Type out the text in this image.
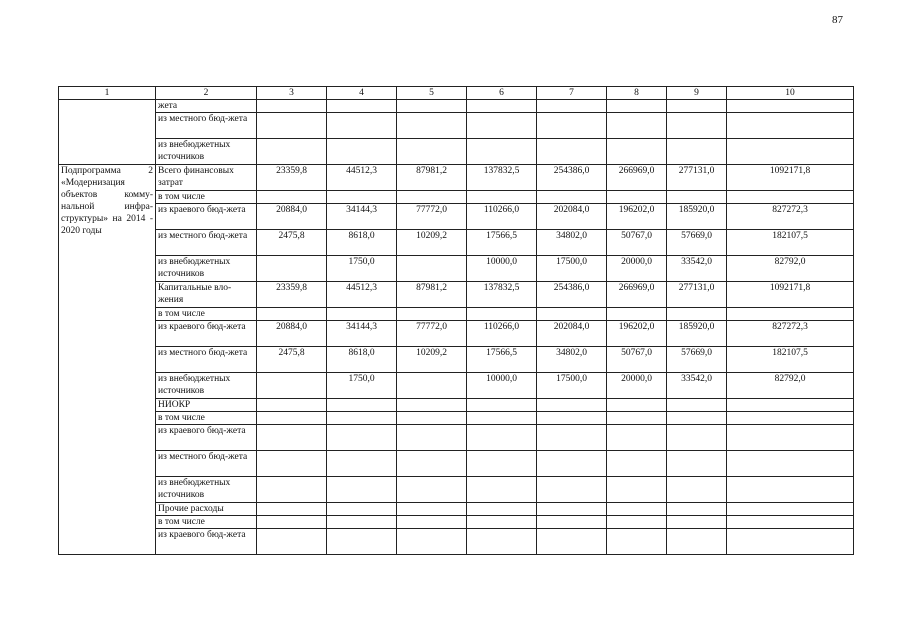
87
1	2	3	4	5	6	7	8	9	10
	жета								
	из местного бюд-жета								
	из внебюджетных источников								
Подпрограмма 2 «Модернизация объектов комму-нальной инфра-структуры» на 2014 - 2020 годы	Всего финансовых затрат	23359,8	44512,3	87981,2	137832,5	254386,0	266969,0	277131,0	1092171,8
	в том числе								
	из краевого бюд-жета	20884,0	34144,3	77772,0	110266,0	202084,0	196202,0	185920,0	827272,3
	из местного бюд-жета	2475,8	8618,0	10209,2	17566,5	34802,0	50767,0	57669,0	182107,5
	из внебюджетных источников		1750,0		10000,0	17500,0	20000,0	33542,0	82792,0
	Капитальные вло-жения	23359,8	44512,3	87981,2	137832,5	254386,0	266969,0	277131,0	1092171,8
	в том числе								
	из краевого бюд-жета	20884,0	34144,3	77772,0	110266,0	202084,0	196202,0	185920,0	827272,3
	из местного бюд-жета	2475,8	8618,0	10209,2	17566,5	34802,0	50767,0	57669,0	182107,5
	из внебюджетных источников		1750,0		10000,0	17500,0	20000,0	33542,0	82792,0
	НИОКР								
	в том числе								
	из краевого бюд-жета								
	из местного бюд-жета								
	из внебюджетных источников								
	Прочие расходы								
	в том числе								
	из краевого бюд-жета								
